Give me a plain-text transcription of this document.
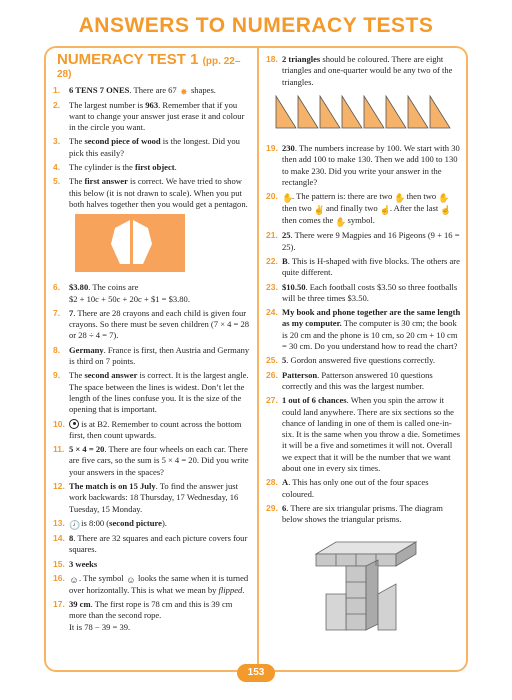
ANSWERS TO NUMERACY TESTS
NUMERACY TEST 1 (pp. 22–28)
1.	6 TENS 7 ONES. There are 67 ✸ shapes.
2.	The largest number is 963. Remember that if you want to change your answer just erase it and colour in the circle you want.
3.	The second piece of wood is the longest. Did you pick this easily?
4.	The cylinder is the first object.
5.	The first answer is correct. We have tried to show this below (it is not drawn to scale). When you put both halves together then you would get a pentagon.
6.	$3.80. The coins are
$2 + 10c + 50c + 20c + $1 = $3.80.
7.	7. There are 28 crayons and each child is given four crayons. So there must be seven children (7 × 4 = 28 or 28 ÷ 4 = 7).
8.	Germany. France is first, then Austria and Germany is third on 7 points.
9.	The second answer is correct. It is the largest angle. The space between the lines is widest. Don’t let the length of the lines confuse you. It is the size of the opening that is important.
10.	is at B2. Remember to count across the bottom first, then count upwards.
11. 5 × 4 = 20. There are four wheels on each car. There are five cars, so the sum is 5 × 4 = 20. Did you write your answers in the spaces?
12. The match is on 15 July. To find the answer just work backwards: 18 Thursday, 17 Wednesday, 16 Tuesday, 15 Monday.
13. 🕗 is 8:00 (second picture).
14. 8. There are 32 squares and each picture covers four squares.
15. 3 weeks
16. ☺. The symbol ☺ looks the same when it is turned over horizontally. This is what we mean by flipped.
17. 39 cm. The first rope is 78 cm and this is 39 cm more than the second rope.
It is 78 − 39 = 39.
18. 2 triangles should be coloured. There are eight triangles and one-quarter would be any two of the triangles.
19. 230. The numbers increase by 100. We start with 30 then add 100 to make 130. Then we add 100 to 130 to make 230. Did you write your answer in the rectangle?
20. ✋. The pattern is: there are two ✋ then two ✋ then two ✌ and finally two ☝. After the last ☝ then comes the ✋ symbol.
21. 25. There were 9 Magpies and 16 Pigeons (9 + 16 = 25).
22. B. This is H-shaped with five blocks. The others are quite different.
23. $10.50. Each football costs $3.50 so three footballs will be three times $3.50.
24. My book and phone together are the same length as my computer. The computer is 30 cm; the book is 20 cm and the phone is 10 cm, so 20 cm + 10 cm = 30 cm. Do you understand how to read the chart?
25. 5. Gordon answered five questions correctly.
26. Patterson. Patterson answered 10 questions correctly and this was the largest number.
27. 1 out of 6 chances. When you spin the arrow it could land anywhere. There are six sections so the chance of landing in one of them is called one-in-six. It is the same when you throw a die. Sometimes it will be a five and sometimes it will not. Overall we expect that it will be the number that we want about one in every six times.
28. A. This has only one out of the four spaces coloured.
29. 6. There are six triangular prisms. The diagram below shows the triangular prisms.
153
